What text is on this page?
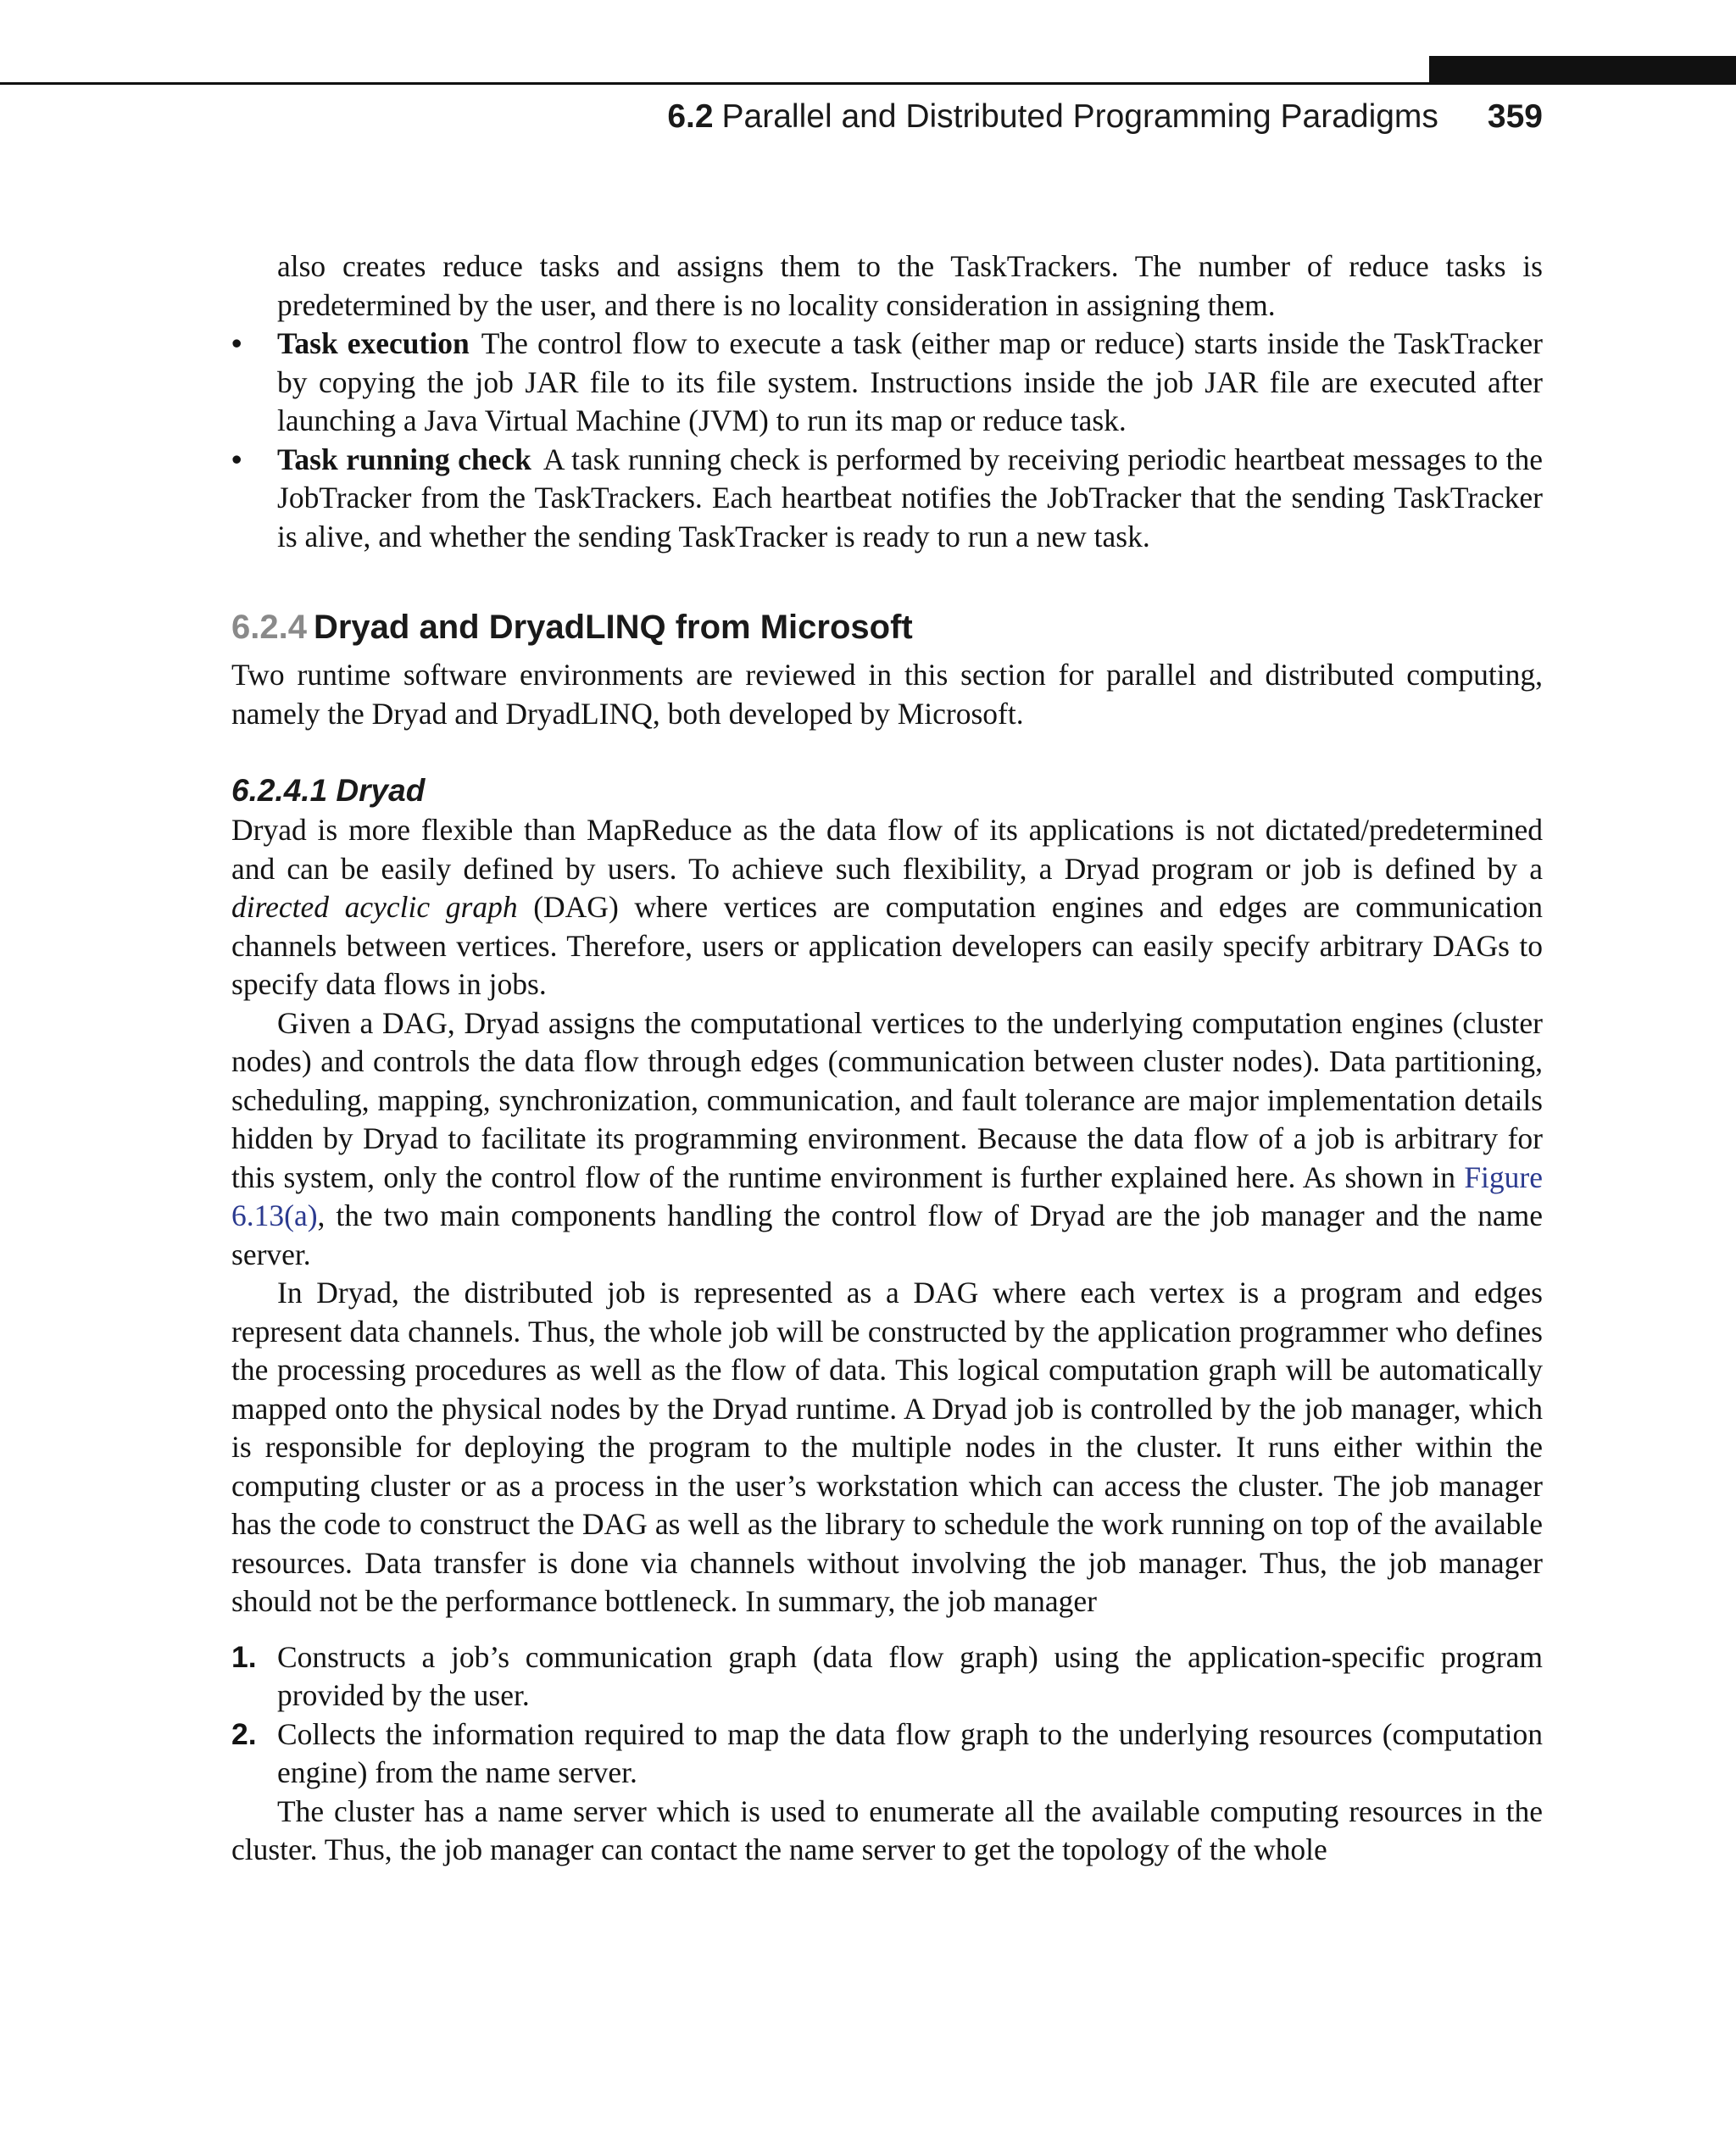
6.2 Parallel and Distributed Programming Paradigms 359

also creates reduce tasks and assigns them to the TaskTrackers. The number of reduce tasks is predetermined by the user, and there is no locality consideration in assigning them.

•	Task execution The control flow to execute a task (either map or reduce) starts inside the TaskTracker by copying the job JAR file to its file system. Instructions inside the job JAR file are executed after launching a Java Virtual Machine (JVM) to run its map or reduce task.
•	Task running check A task running check is performed by receiving periodic heartbeat messages to the JobTracker from the TaskTrackers. Each heartbeat notifies the JobTracker that the sending TaskTracker is alive, and whether the sending TaskTracker is ready to run a new task.
6.2.4 Dryad and DryadLINQ from Microsoft

Two runtime software environments are reviewed in this section for parallel and distributed computing, namely the Dryad and DryadLINQ, both developed by Microsoft.

6.2.4.1 Dryad

Dryad is more flexible than MapReduce as the data flow of its applications is not dictated/predetermined and can be easily defined by users. To achieve such flexibility, a Dryad program or job is defined by a directed acyclic graph (DAG) where vertices are computation engines and edges are communication channels between vertices. Therefore, users or application developers can easily specify arbitrary DAGs to specify data flows in jobs.

Given a DAG, Dryad assigns the computational vertices to the underlying computation engines (cluster nodes) and controls the data flow through edges (communication between cluster nodes). Data partitioning, scheduling, mapping, synchronization, communication, and fault tolerance are major implementation details hidden by Dryad to facilitate its programming environment. Because the data flow of a job is arbitrary for this system, only the control flow of the runtime environment is further explained here. As shown in Figure 6.13(a), the two main components handling the control flow of Dryad are the job manager and the name server.

In Dryad, the distributed job is represented as a DAG where each vertex is a program and edges represent data channels. Thus, the whole job will be constructed by the application programmer who defines the processing procedures as well as the flow of data. This logical computation graph will be automatically mapped onto the physical nodes by the Dryad runtime. A Dryad job is controlled by the job manager, which is responsible for deploying the program to the multiple nodes in the cluster. It runs either within the computing cluster or as a process in the user’s workstation which can access the cluster. The job manager has the code to construct the DAG as well as the library to schedule the work running on top of the available resources. Data transfer is done via channels without involving the job manager. Thus, the job manager should not be the performance bottleneck. In summary, the job manager

1. Constructs a job’s communication graph (data flow graph) using the application-specific program provided by the user.
2. Collects the information required to map the data flow graph to the underlying resources (computation engine) from the name server.

The cluster has a name server which is used to enumerate all the available computing resources in the cluster. Thus, the job manager can contact the name server to get the topology of the whole
